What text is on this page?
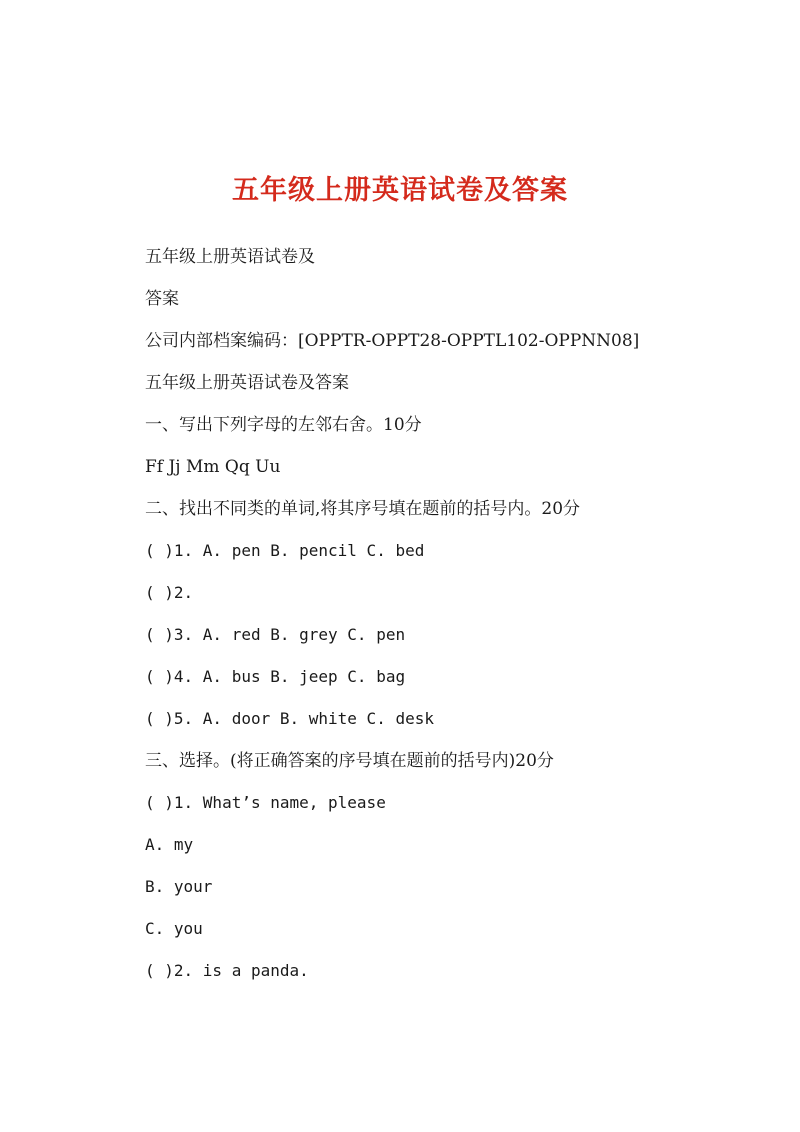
五年级上册英语试卷及答案

五年级上册英语试卷及

答案

公司内部档案编码：[OPPTR-OPPT28-OPPTL102-OPPNN08]

五年级上册英语试卷及答案

一、写出下列字母的左邻右舍。10分

Ff Jj Mm Qq Uu

二、找出不同类的单词,将其序号填在题前的括号内。20分

( )1. A. pen B. pencil C. bed

( )2.

( )3. A. red B. grey C. pen

( )4. A. bus B. jeep C. bag

( )5. A. door B. white C. desk

三、选择。(将正确答案的序号填在题前的括号内)20分

( )1. What’s name, please

A. my

B. your

C. you

( )2. is a panda.
